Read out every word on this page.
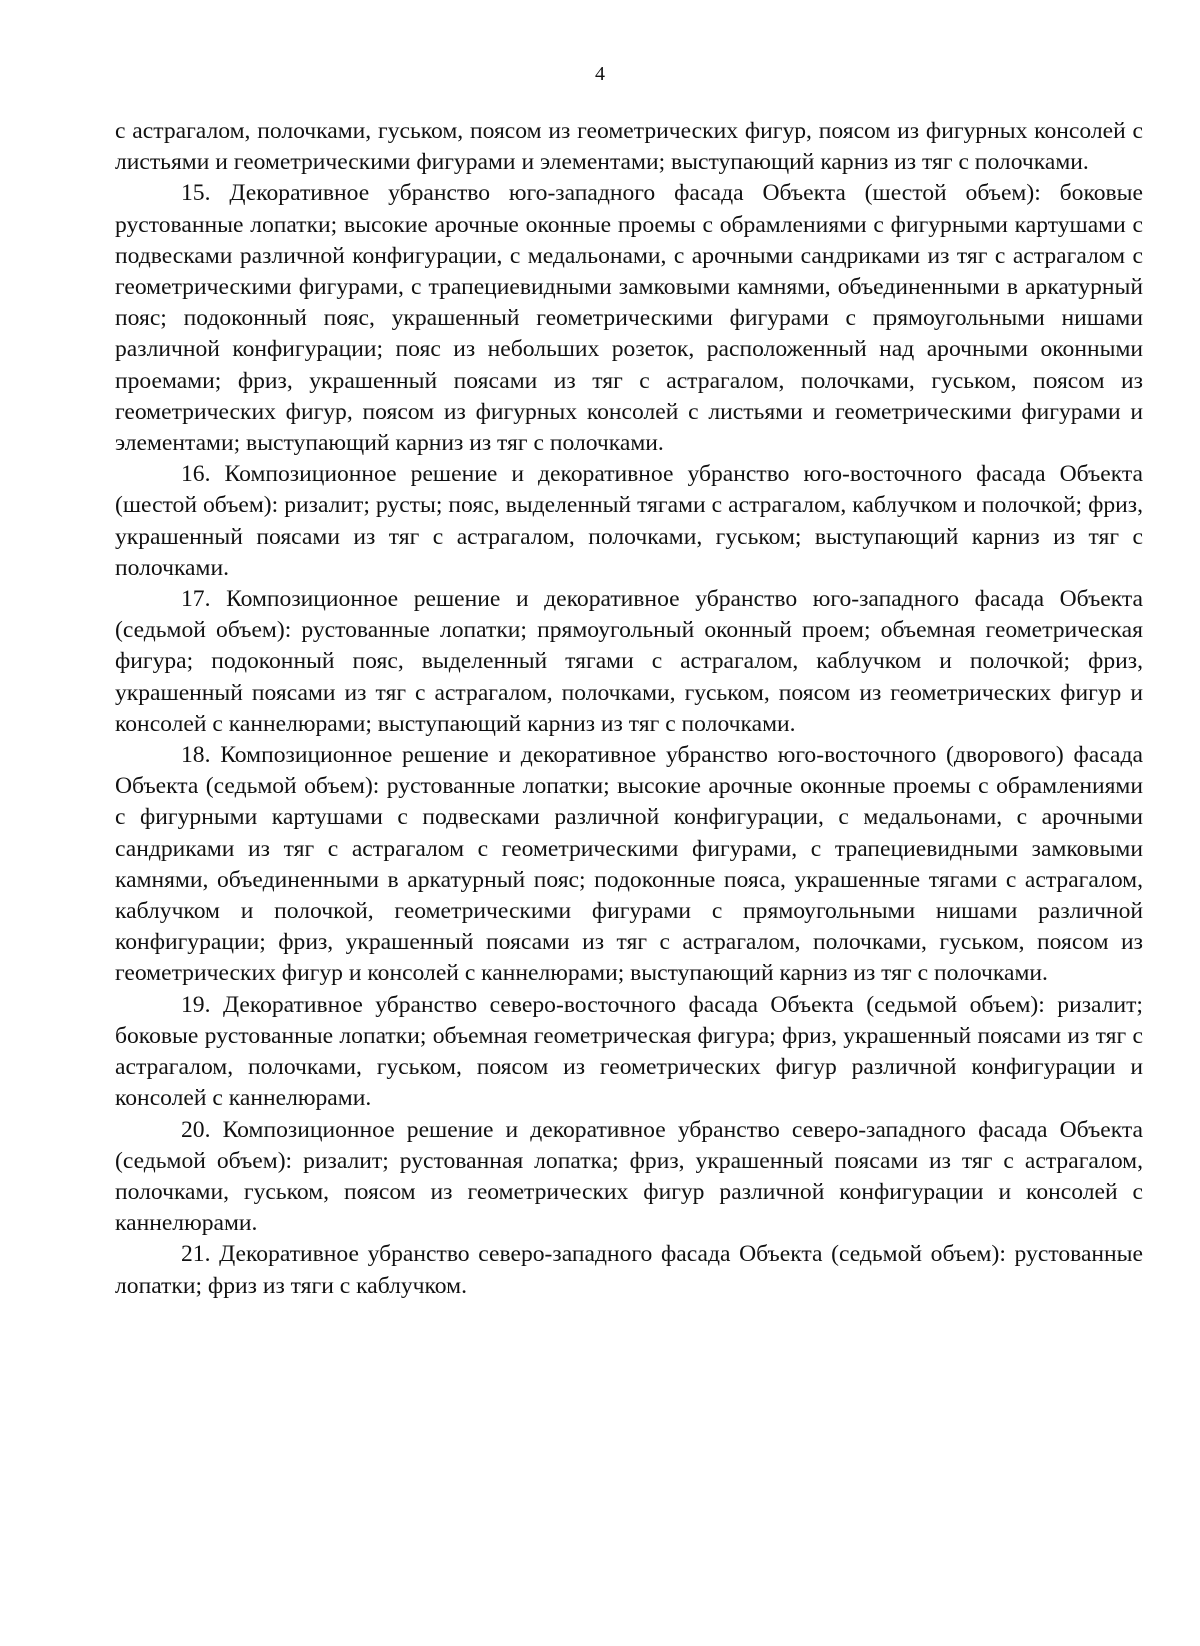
4

с астрагалом, полочками, гуськом, поясом из геометрических фигур, поясом из фигурных консолей с листьями и геометрическими фигурами и элементами; выступающий карниз из тяг с полочками.

15. Декоративное убранство юго-западного фасада Объекта (шестой объем): боковые рустованные лопатки; высокие арочные оконные проемы с обрамлениями с фигурными картушами с подвесками различной конфигурации, с медальонами, с арочными сандриками из тяг с астрагалом с геометрическими фигурами, с трапециевидными замковыми камнями, объединенными в аркатурный пояс; подоконный пояс, украшенный геометрическими фигурами с прямоугольными нишами различной конфигурации; пояс из небольших розеток, расположенный над арочными оконными проемами; фриз, украшенный поясами из тяг с астрагалом, полочками, гуськом, поясом из геометрических фигур, поясом из фигурных консолей с листьями и геометрическими фигурами и элементами; выступающий карниз из тяг с полочками.

16. Композиционное решение и декоративное убранство юго-восточного фасада Объекта (шестой объем): ризалит; русты; пояс, выделенный тягами с астрагалом, каблучком и полочкой; фриз, украшенный поясами из тяг с астрагалом, полочками, гуськом; выступающий карниз из тяг с полочками.

17. Композиционное решение и декоративное убранство юго-западного фасада Объекта (седьмой объем): рустованные лопатки; прямоугольный оконный проем; объемная геометрическая фигура; подоконный пояс, выделенный тягами с астрагалом, каблучком и полочкой; фриз, украшенный поясами из тяг с астрагалом, полочками, гуськом, поясом из геометрических фигур и консолей с каннелюрами; выступающий карниз из тяг с полочками.

18. Композиционное решение и декоративное убранство юго-восточного (дворового) фасада Объекта (седьмой объем): рустованные лопатки; высокие арочные оконные проемы с обрамлениями с фигурными картушами с подвесками различной конфигурации, с медальонами, с арочными сандриками из тяг с астрагалом с геометрическими фигурами, с трапециевидными замковыми камнями, объединенными в аркатурный пояс; подоконные пояса, украшенные тягами с астрагалом, каблучком и полочкой, геометрическими фигурами с прямоугольными нишами различной конфигурации; фриз, украшенный поясами из тяг с астрагалом, полочками, гуськом, поясом из геометрических фигур и консолей с каннелюрами; выступающий карниз из тяг с полочками.

19. Декоративное убранство северо-восточного фасада Объекта (седьмой объем): ризалит; боковые рустованные лопатки; объемная геометрическая фигура; фриз, украшенный поясами из тяг с астрагалом, полочками, гуськом, поясом из геометрических фигур различной конфигурации и консолей с каннелюрами.

20. Композиционное решение и декоративное убранство северо-западного фасада Объекта (седьмой объем): ризалит; рустованная лопатка; фриз, украшенный поясами из тяг с астрагалом, полочками, гуськом, поясом из геометрических фигур различной конфигурации и консолей с каннелюрами.

21. Декоративное убранство северо-западного фасада Объекта (седьмой объем): рустованные лопатки; фриз из тяги с каблучком.
